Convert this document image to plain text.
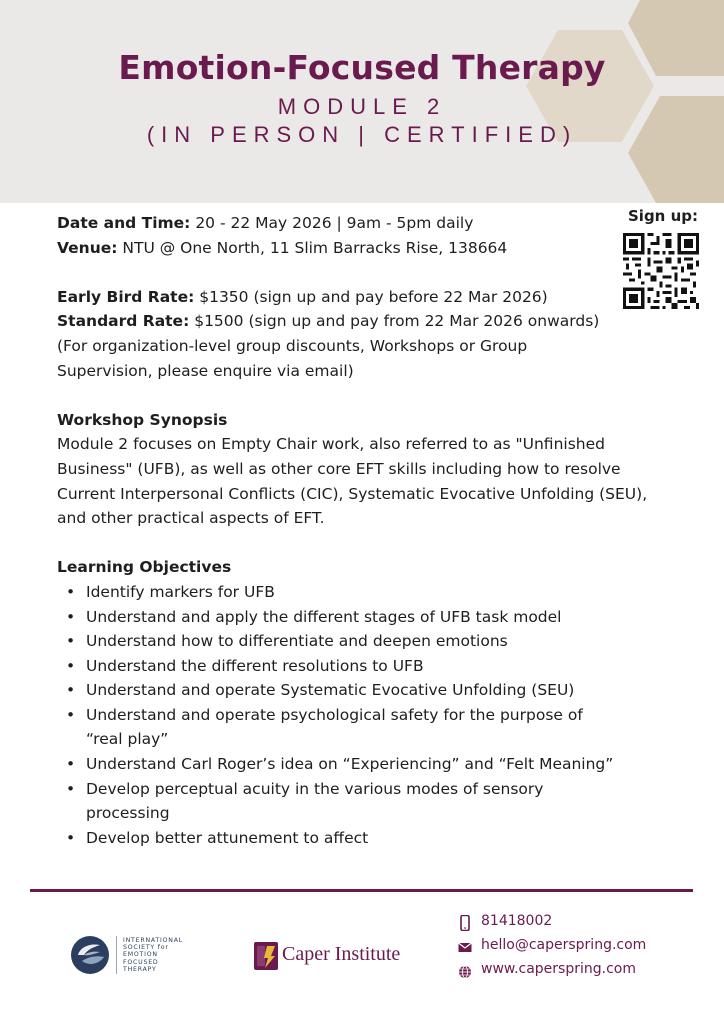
Emotion-Focused Therapy
MODULE 2
(IN PERSON | CERTIFIED)
Sign up:
Date and Time: 20 - 22 May 2026 | 9am - 5pm daily
Venue: NTU @ One North, 11 Slim Barracks Rise, 138664
Early Bird Rate: $1350 (sign up and pay before 22 Mar 2026)
Standard Rate: $1500 (sign up and pay from 22 Mar 2026 onwards)
(For organization-level group discounts, Workshops or Group Supervision, please enquire via email)
Workshop Synopsis
Module 2 focuses on Empty Chair work, also referred to as "Unfinished Business" (UFB), as well as other core EFT skills including how to resolve Current Interpersonal Conflicts (CIC), Systematic Evocative Unfolding (SEU), and other practical aspects of EFT.
Learning Objectives
• Identify markers for UFB
• Understand and apply the different stages of UFB task model
• Understand how to differentiate and deepen emotions
• Understand the different resolutions to UFB
• Understand and operate Systematic Evocative Unfolding (SEU)
• Understand and operate psychological safety for the purpose of “real play”
• Understand Carl Roger’s idea on “Experiencing” and “Felt Meaning”
• Develop perceptual acuity in the various modes of sensory processing
• Develop better attunement to affect
INTERNATIONAL
SOCIETY for
EMOTION
FOCUSED
THERAPY
Caper Institute
81418002
hello@caperspring.com
www.caperspring.com
